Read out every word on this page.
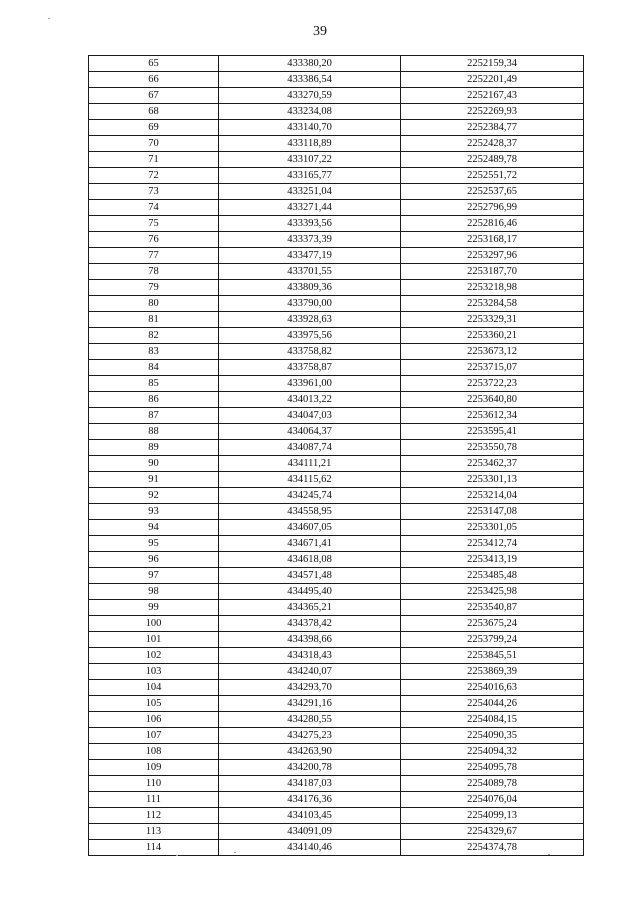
39
65	433380,20	2252159,34
66	433386,54	2252201,49
67	433270,59	2252167,43
68	433234,08	2252269,93
69	433140,70	2252384,77
70	433118,89	2252428,37
71	433107,22	2252489,78
72	433165,77	2252551,72
73	433251,04	2252537,65
74	433271,44	2252796,99
75	433393,56	2252816,46
76	433373,39	2253168,17
77	433477,19	2253297,96
78	433701,55	2253187,70
79	433809,36	2253218,98
80	433790,00	2253284,58
81	433928,63	2253329,31
82	433975,56	2253360,21
83	433758,82	2253673,12
84	433758,87	2253715,07
85	433961,00	2253722,23
86	434013,22	2253640,80
87	434047,03	2253612,34
88	434064,37	2253595,41
89	434087,74	2253550,78
90	434111,21	2253462,37
91	434115,62	2253301,13
92	434245,74	2253214,04
93	434558,95	2253147,08
94	434607,05	2253301,05
95	434671,41	2253412,74
96	434618,08	2253413,19
97	434571,48	2253485,48
98	434495,40	2253425,98
99	434365,21	2253540,87
100	434378,42	2253675,24
101	434398,66	2253799,24
102	434318,43	2253845,51
103	434240,07	2253869,39
104	434293,70	2254016,63
105	434291,16	2254044,26
106	434280,55	2254084,15
107	434275,23	2254090,35
108	434263,90	2254094,32
109	434200,78	2254095,78
110	434187,03	2254089,78
111	434176,36	2254076,04
112	434103,45	2254099,13
113	434091,09	2254329,67
114	434140,46	2254374,78
